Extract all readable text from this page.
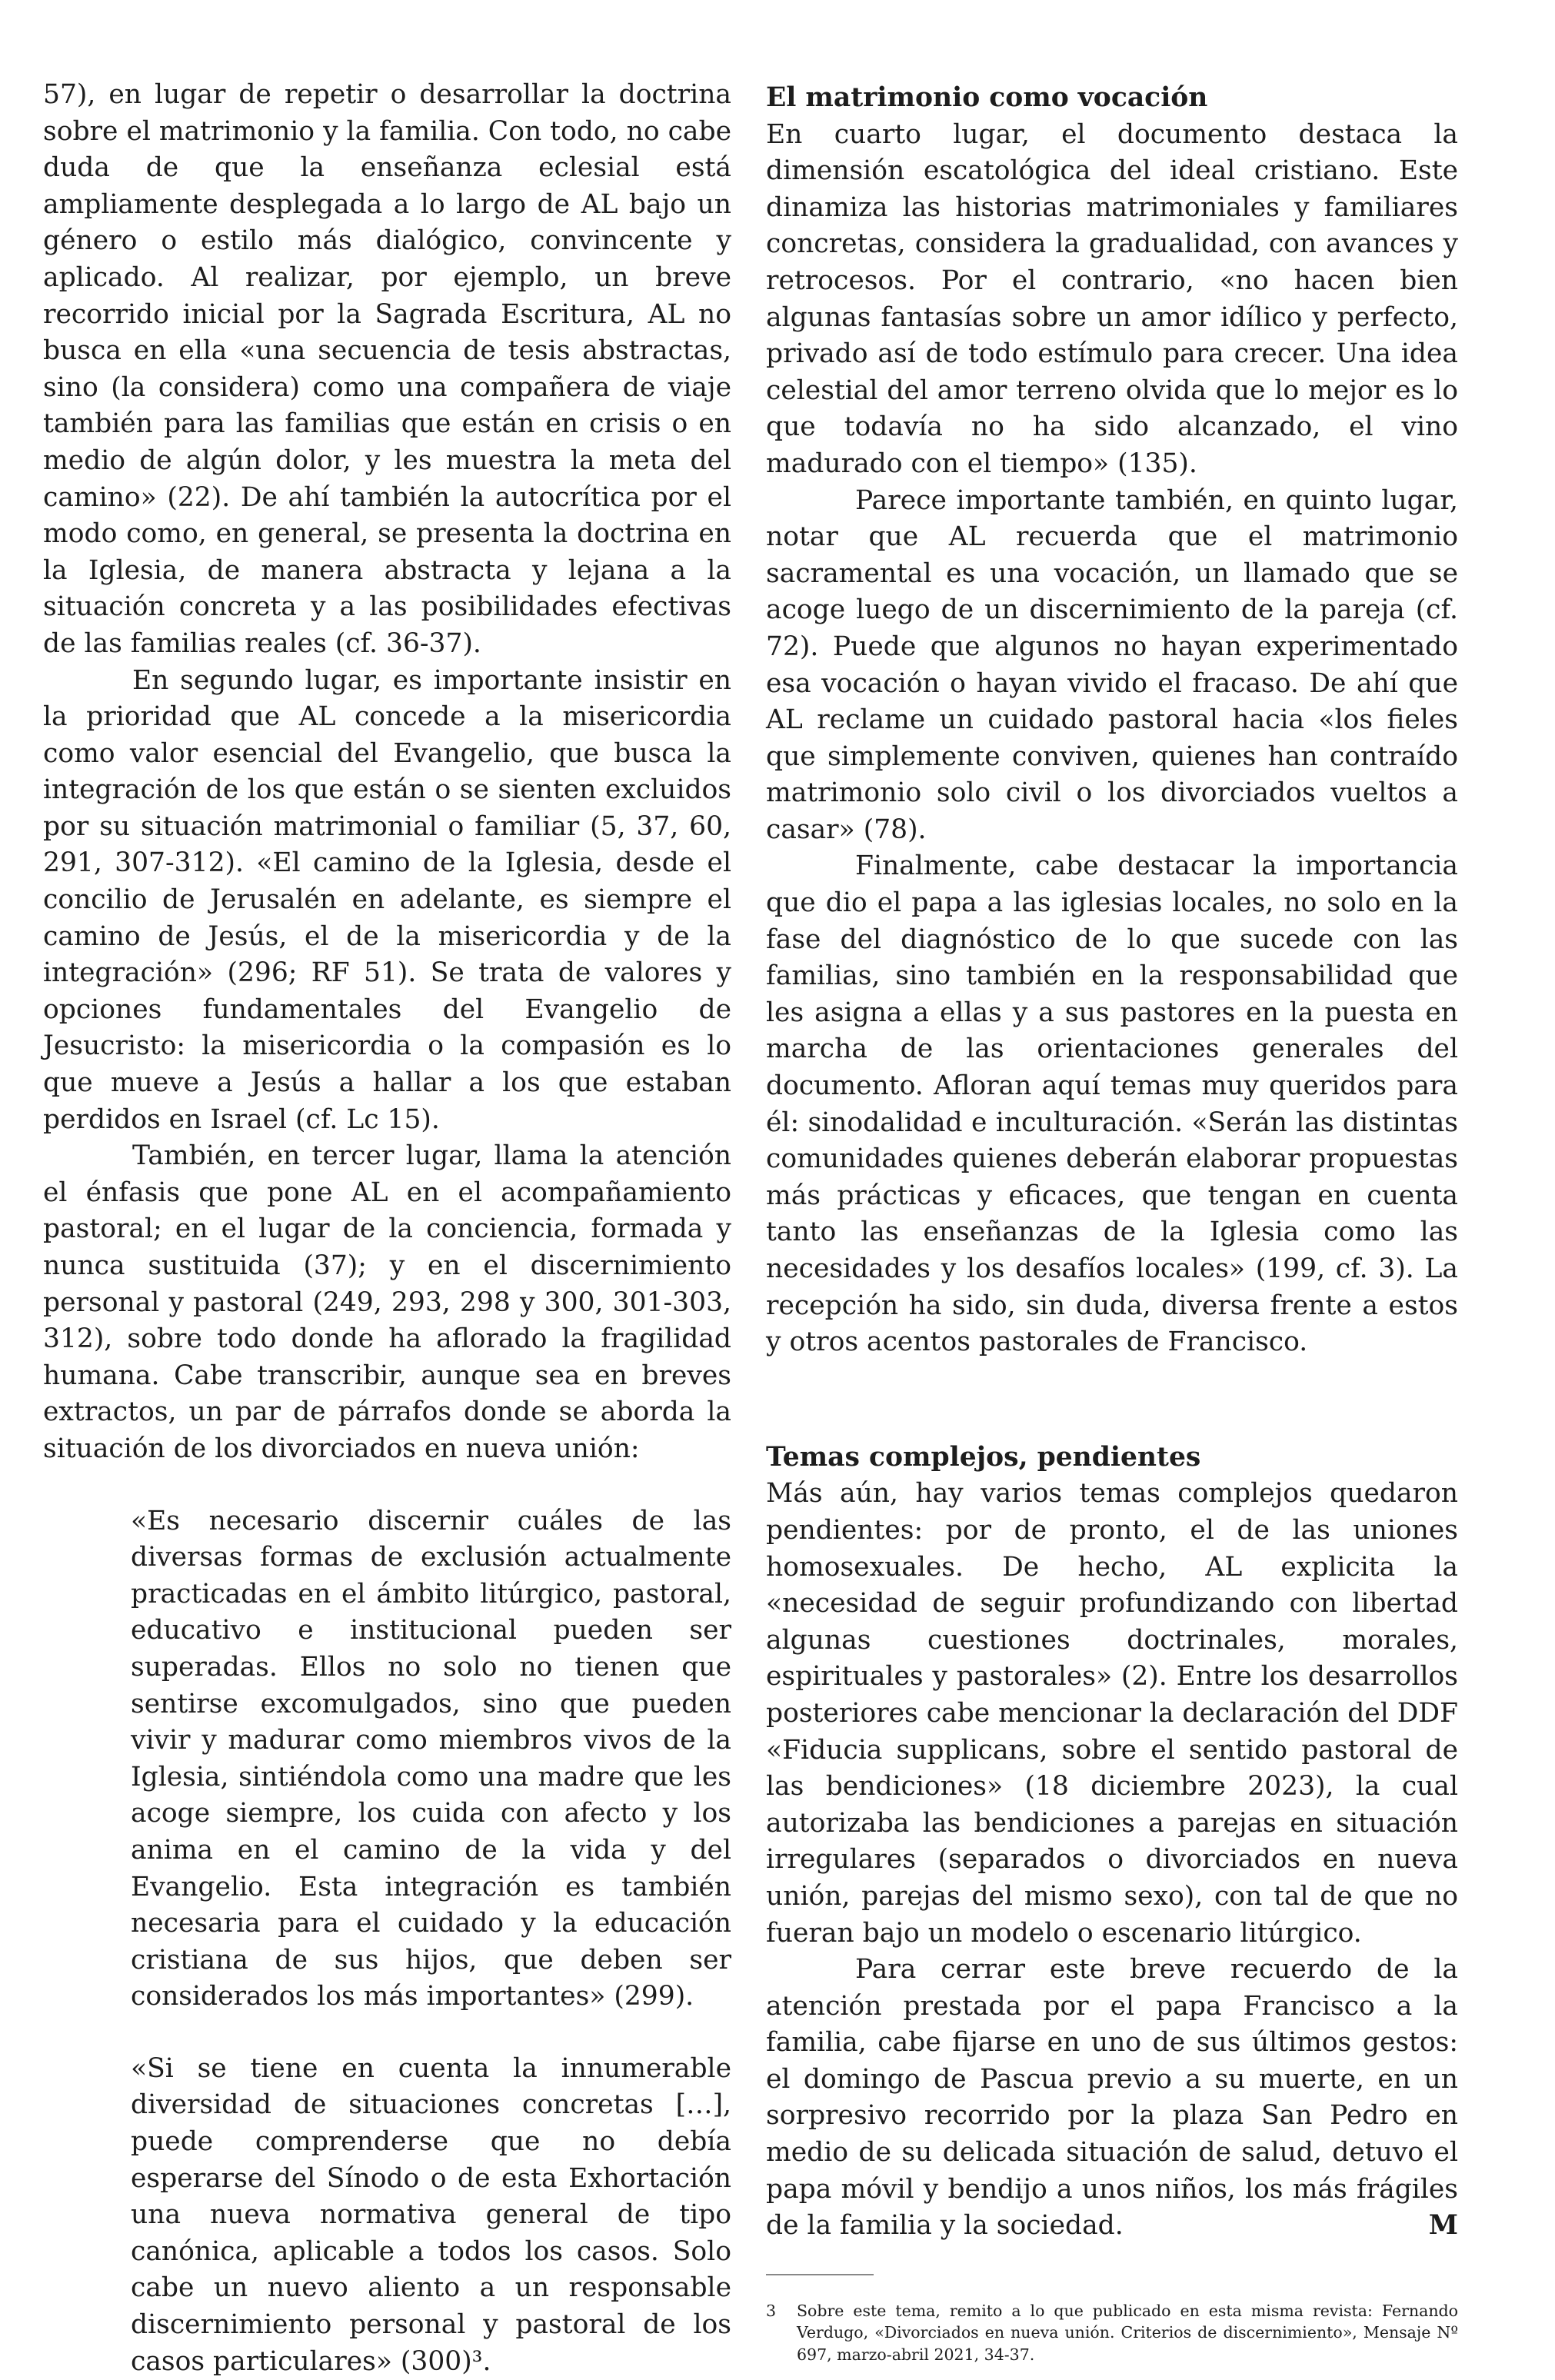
57), en lugar de repetir o desarrollar la doctrina sobre el matrimonio y la familia. Con todo, no cabe duda de que la enseñanza eclesial está ampliamente desplegada a lo largo de AL bajo un género o estilo más dialógico, convincente y aplicado. Al realizar, por ejemplo, un breve recorrido inicial por la Sagrada Escritura, AL no busca en ella «una secuencia de tesis abstractas, sino (la considera) como una compañera de viaje también para las familias que están en crisis o en medio de algún dolor, y les muestra la meta del camino» (22). De ahí también la autocrítica por el modo como, en general, se presenta la doctrina en la Iglesia, de manera abstracta y lejana a la situación concreta y a las posibilidades efectivas de las familias reales (cf. 36-37).

En segundo lugar, es importante insistir en la prioridad que AL concede a la misericordia como valor esencial del Evangelio, que busca la integración de los que están o se sienten excluidos por su situación matrimonial o familiar (5, 37, 60, 291, 307-312). «El camino de la Iglesia, desde el concilio de Jerusalén en adelante, es siempre el camino de Jesús, el de la misericordia y de la integración» (296; RF 51). Se trata de valores y opciones fundamentales del Evangelio de Jesucristo: la misericordia o la compasión es lo que mueve a Jesús a hallar a los que estaban perdidos en Israel (cf. Lc 15).

También, en tercer lugar, llama la atención el énfasis que pone AL en el acompañamiento pastoral; en el lugar de la conciencia, formada y nunca sustituida (37); y en el discernimiento personal y pastoral (249, 293, 298 y 300, 301-303, 312), sobre todo donde ha aflorado la fragilidad humana. Cabe transcribir, aunque sea en breves extractos, un par de párrafos donde se aborda la situación de los divorciados en nueva unión:

«Es necesario discernir cuáles de las diversas formas de exclusión actualmente practicadas en el ámbito litúrgico, pastoral, educativo e institucional pueden ser superadas. Ellos no solo no tienen que sentirse excomulgados, sino que pueden vivir y madurar como miembros vivos de la Iglesia, sintiéndola como una madre que les acoge siempre, los cuida con afecto y los anima en el camino de la vida y del Evangelio. Esta integración es también necesaria para el cuidado y la educación cristiana de sus hijos, que deben ser considerados los más importantes» (299).

«Si se tiene en cuenta la innumerable diversidad de situaciones concretas […], puede comprenderse que no debía esperarse del Sínodo o de esta Exhortación una nueva normativa general de tipo canónica, aplicable a todos los casos. Solo cabe un nuevo aliento a un responsable discernimiento personal y pastoral de los casos particulares» (300)³.

El matrimonio como vocación

En cuarto lugar, el documento destaca la dimensión escatológica del ideal cristiano. Este dinamiza las historias matrimoniales y familiares concretas, considera la gradualidad, con avances y retrocesos. Por el contrario, «no hacen bien algunas fantasías sobre un amor idílico y perfecto, privado así de todo estímulo para crecer. Una idea celestial del amor terreno olvida que lo mejor es lo que todavía no ha sido alcanzado, el vino madurado con el tiempo» (135).

Parece importante también, en quinto lugar, notar que AL recuerda que el matrimonio sacramental es una vocación, un llamado que se acoge luego de un discernimiento de la pareja (cf. 72). Puede que algunos no hayan experimentado esa vocación o hayan vivido el fracaso. De ahí que AL reclame un cuidado pastoral hacia «los fieles que simplemente conviven, quienes han contraído matrimonio solo civil o los divorciados vueltos a casar» (78).

Finalmente, cabe destacar la importancia que dio el papa a las iglesias locales, no solo en la fase del diagnóstico de lo que sucede con las familias, sino también en la responsabilidad que les asigna a ellas y a sus pastores en la puesta en marcha de las orientaciones generales del documento. Afloran aquí temas muy queridos para él: sinodalidad e inculturación. «Serán las distintas comunidades quienes deberán elaborar propuestas más prácticas y eficaces, que tengan en cuenta tanto las enseñanzas de la Iglesia como las necesidades y los desafíos locales» (199, cf. 3). La recepción ha sido, sin duda, diversa frente a estos y otros acentos pastorales de Francisco.

Temas complejos, pendientes

Más aún, hay varios temas complejos quedaron pendientes: por de pronto, el de las uniones homosexuales. De hecho, AL explicita la «necesidad de seguir profundizando con libertad algunas cuestiones doctrinales, morales, espirituales y pastorales» (2). Entre los desarrollos posteriores cabe mencionar la declaración del DDF «Fiducia supplicans, sobre el sentido pastoral de las bendiciones» (18 diciembre 2023), la cual autorizaba las bendiciones a parejas en situación irregulares (separados o divorciados en nueva unión, parejas del mismo sexo), con tal de que no fueran bajo un modelo o escenario litúrgico.

Para cerrar este breve recuerdo de la atención prestada por el papa Francisco a la familia, cabe fijarse en uno de sus últimos gestos: el domingo de Pascua previo a su muerte, en un sorpresivo recorrido por la plaza San Pedro en medio de su delicada situación de salud, detuvo el papa móvil y bendijo a unos niños, los más frágiles de la familia y la sociedad.	M

3 Sobre este tema, remito a lo que publicado en esta misma revista: Fernando Verdugo, «Divorciados en nueva unión. Criterios de discernimiento», Mensaje Nº 697, marzo-abril 2021, 34-37.
